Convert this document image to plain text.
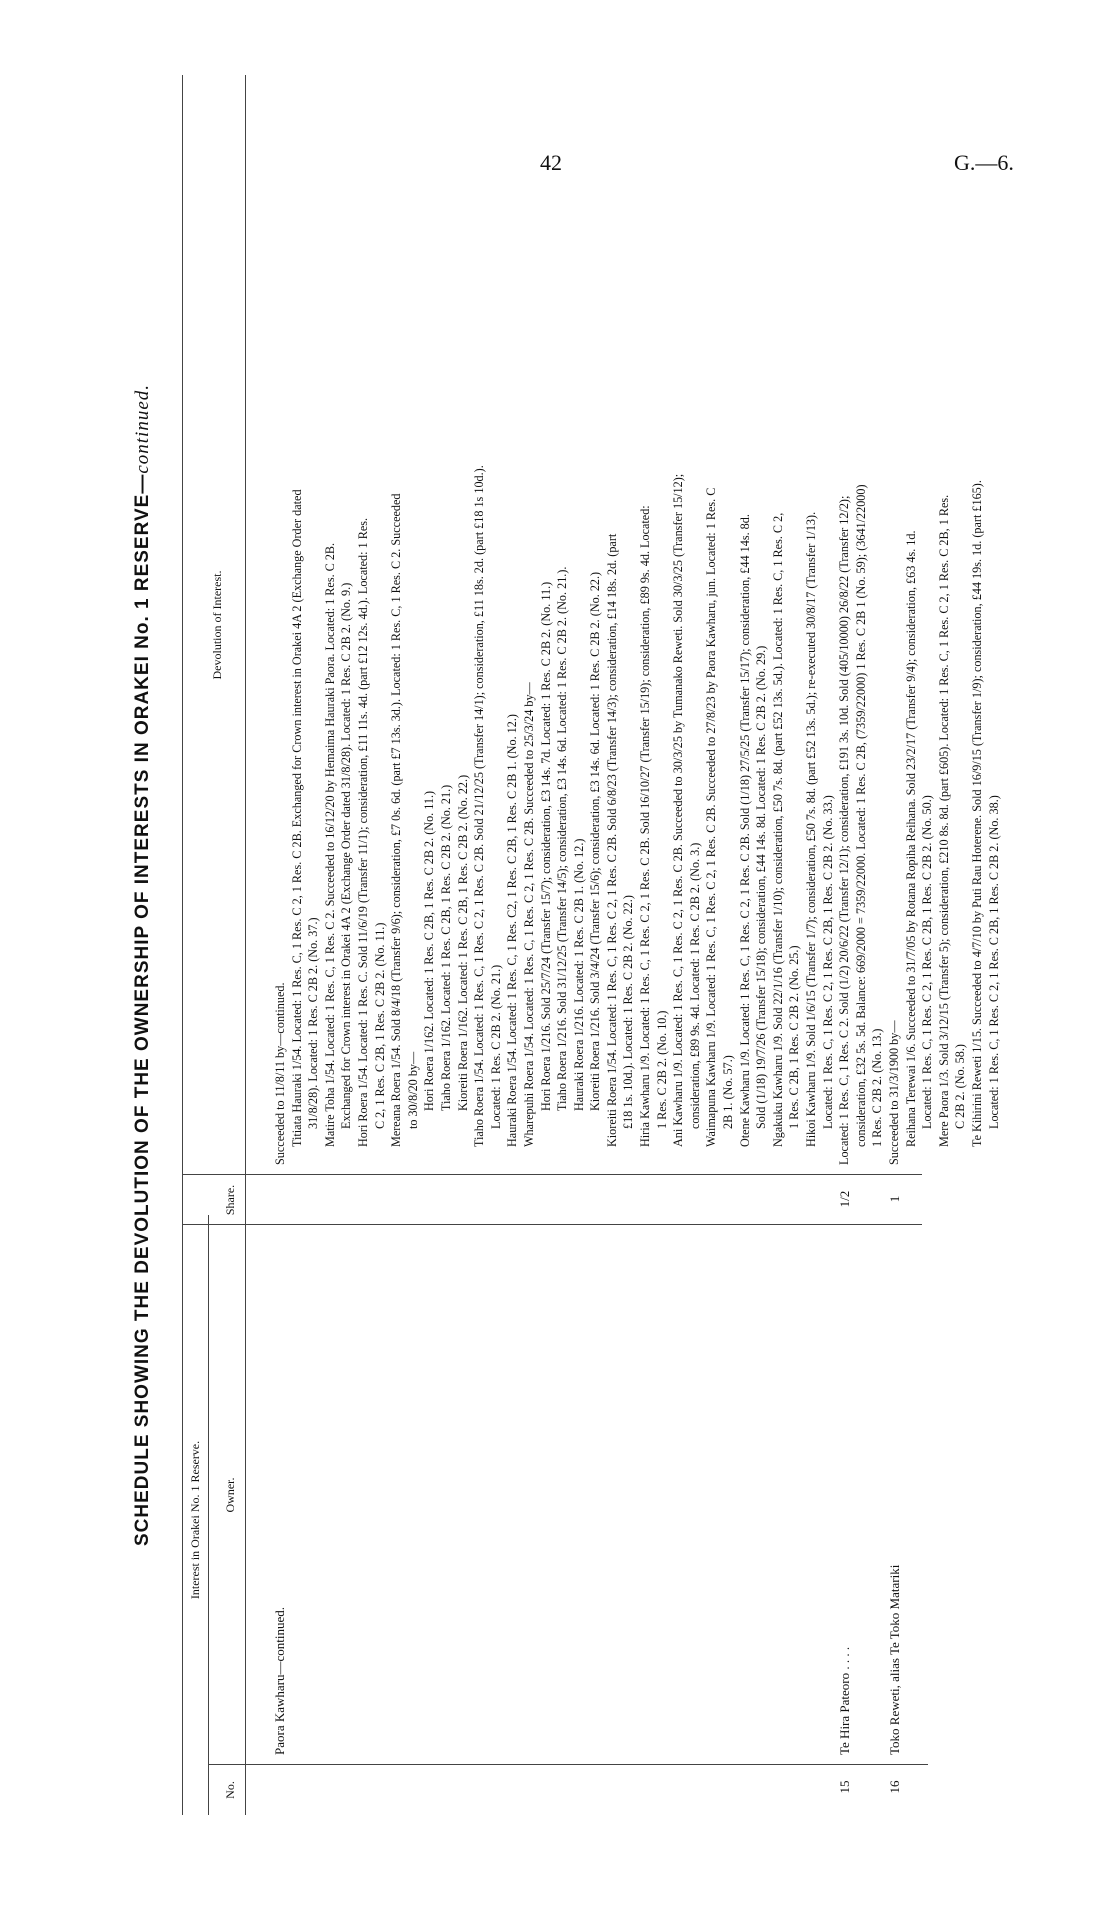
G.—6.
42
SCHEDULE SHOWING THE DEVOLUTION OF THE OWNERSHIP OF INTERESTS IN ORAKEI No. 1 RESERVE—continued.
Interest in Orakei No. 1 Reserve.
No.
Owner.
Share.
Devolution of Interest.
Paora Kawharu—continued.
15
Te Hira Pateoro . . . .
1/2
16
Toko Reweti, alias Te Toko Matariki
1
Succeeded to 11/8/11 by—continued. Titiata Hauraki 1/54. Located: 1 Res. C, 1 Res. C 2, 1 Res. C 2B. Exchanged for Crown interest in Orakei 4A 2 (Exchange Order dated 31/8/28). Located: 1 Res. C 2B 2. (No. 37.) Matire Toha 1/54. Located: 1 Res. C, 1 Res. C 2. Succeeded to 16/12/20 by Hemaima Hauraki Paora. Located: 1 Res. C 2B. Exchanged for Crown interest in Orakei 4A 2 (Exchange Order dated 31/8/28). Located: 1 Res. C 2B 2. (No. 9.) Hori Roera 1/54. Located: 1 Res. C. Sold 11/6/19 (Transfer 11/1); consideration, £11 11s. 4d. (part £12 12s. 4d.). Located: 1 Res. C 2, 1 Res. C 2B, 1 Res. C 2B 2. (No. 11.) Mereana Roera 1/54. Sold 8/4/18 (Transfer 9/6); consideration, £7 0s. 6d. (part £7 13s. 3d.). Located: 1 Res. C, 1 Res. C 2. Succeeded to 30/8/20 by— Hori Roera 1/162. Located: 1 Res. C 2B, 1 Res. C 2B 2. (No. 11.) Tiaho Roera 1/162. Located: 1 Res. C 2B, 1 Res. C 2B 2. (No. 21.) Kioreiti Roera 1/162. Located: 1 Res. C 2B, 1 Res. C 2B 2. (No. 22.) Tiaho Roera 1/54. Located: 1 Res. C, 1 Res. C 2, 1 Res. C 2B. Sold 21/12/25 (Transfer 14/1); consideration, £11 18s. 2d. (part £18 1s 10d.). Located: 1 Res. C 2B 2. (No. 21.) Hauraki Roera 1/54. Located: 1 Res. C, 1 Res. C2, 1 Res. C 2B, 1 Res. C 2B 1. (No. 12.) Wharepuhi Roera 1/54. Located: 1 Res. C, 1 Res. C 2, 1 Res. C 2B. Succeeded to 25/3/24 by— Hori Roera 1/216. Sold 25/7/24 (Transfer 15/7); consideration, £3 14s. 7d. Located: 1 Res. C 2B 2. (No. 11.) Tiaho Roera 1/216. Sold 31/12/25 (Transfer 14/5); consideration, £3 14s. 6d. Located: 1 Res. C 2B 2. (No. 21.). Hauraki Roera 1/216. Located: 1 Res. C 2B 1. (No. 12.) Kioreiti Roera 1/216. Sold 3/4/24 (Transfer 15/6); consideration, £3 14s. 6d. Located: 1 Res. C 2B 2. (No. 22.) Kioreiti Roera 1/54. Located: 1 Res. C, 1 Res. C 2, 1 Res. C 2B. Sold 6/8/23 (Transfer 14/3); consideration, £14 18s. 2d. (part £18 1s. 10d.). Located: 1 Res. C 2B 2. (No. 22.) Hiria Kawharu 1/9. Located: 1 Res. C, 1 Res. C 2, 1 Res. C 2B. Sold 16/10/27 (Transfer 15/19); consideration, £89 9s. 4d. Located: 1 Res. C 2B 2. (No. 10.) Ani Kawharu 1/9. Located: 1 Res. C, 1 Res. C 2, 1 Res. C 2B. Succeeded to 30/3/25 by Tumanako Reweti. Sold 30/3/25 (Transfer 15/12); consideration, £89 9s. 4d. Located: 1 Res. C 2B 2. (No. 3.) Waimapuna Kawharu 1/9. Located: 1 Res. C, 1 Res. C 2, 1 Res. C 2B. Succeeded to 27/8/23 by Paora Kawharu, jun. Located: 1 Res. C 2B 1. (No. 57.) Otene Kawharu 1/9. Located: 1 Res. C, 1 Res. C 2, 1 Res. C 2B. Sold (1/18) 27/5/25 (Transfer 15/17); consideration, £44 14s. 8d. Sold (1/18) 19/7/26 (Transfer 15/18); consideration, £44 14s. 8d. Located: 1 Res. C 2B 2. (No. 29.) Ngakuku Kawharu 1/9. Sold 22/1/16 (Transfer 1/10); consideration, £50 7s. 8d. (part £52 13s. 5d.). Located: 1 Res. C, 1 Res. C 2, 1 Res. C 2B, 1 Res. C 2B 2. (No. 25.) Hikoi Kawharu 1/9. Sold 1/6/15 (Transfer 1/7); consideration, £50 7s. 8d. (part £52 13s. 5d.); re-executed 30/8/17 (Transfer 1/13). Located: 1 Res. C, 1 Res. C 2, 1 Res. C 2B, 1 Res. C 2B 2. (No. 33.) Located: 1 Res. C, 1 Res. C 2. Sold (1/2) 20/6/22 (Transfer 12/1); consideration, £191 3s. 10d. Sold (405/10000) 26/8/22 (Transfer 12/2); consideration, £32 5s. 5d. Balance: 669/2000 = 7359/22000. Located: 1 Res. C 2B, (7359/22000) 1 Res. C 2B 1 (No. 59); (3641/22000) 1 Res. C 2B 2. (No. 13.) Succeeded to 31/3/1900 by— Reihana Terewai 1/6. Succeeded to 31/7/05 by Rotana Ropiha Reihana. Sold 23/2/17 (Transfer 9/4); consideration, £63 4s. 1d. Located: 1 Res. C, 1 Res. C 2, 1 Res. C 2B, 1 Res. C 2B 2. (No. 50.) Mere Paora 1/3. Sold 3/12/15 (Transfer 5); consideration, £210 8s. 8d. (part £605). Located: 1 Res. C, 1 Res. C 2, 1 Res. C 2B, 1 Res. C 2B 2. (No. 58.) Te Kihirini Reweti 1/15. Succeeded to 4/7/10 by Puti Rau Hoterene. Sold 16/9/15 (Transfer 1/9); consideration, £44 19s. 1d. (part £165). Located: 1 Res. C, 1 Res. C 2, 1 Res. C 2B, 1 Res. C 2B 2. (No. 38.)
